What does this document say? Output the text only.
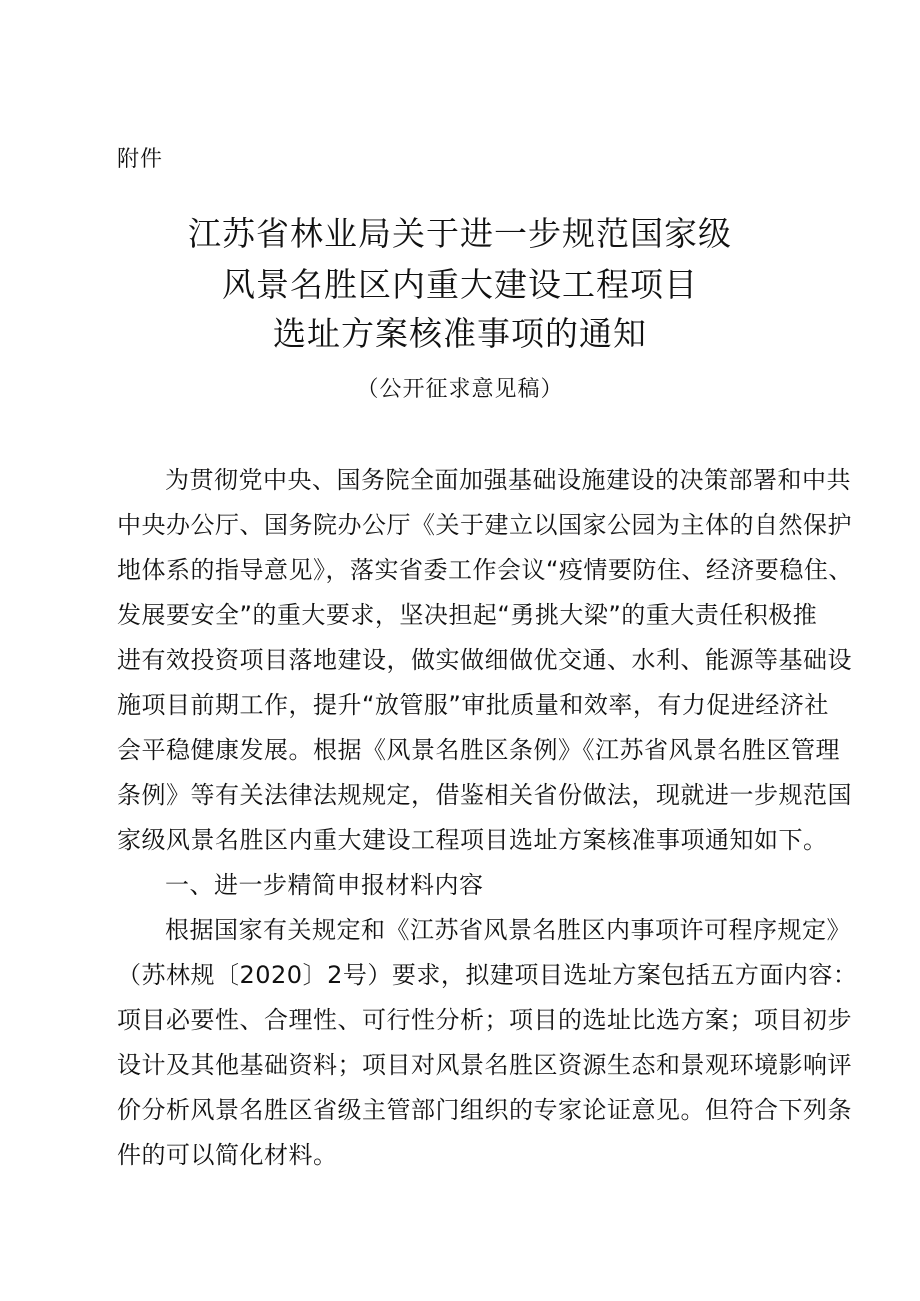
附件
江苏省林业局关于进一步规范国家级
风景名胜区内重大建设工程项目
选址方案核准事项的通知
（公开征求意见稿）
为贯彻党中央、国务院全面加强基础设施建设的决策部署和中共
中央办公厅、国务院办公厅《关于建立以国家公园为主体的自然保护
地体系的指导意见》，落实省委工作会议“疫情要防住、经济要稳住、
发展要安全”的重大要求，坚决担起“勇挑大梁”的重大责任积极推
进有效投资项目落地建设，做实做细做优交通、水利、能源等基础设
施项目前期工作，提升“放管服”审批质量和效率，有力促进经济社
会平稳健康发展。根据《风景名胜区条例》《江苏省风景名胜区管理
条例》等有关法律法规规定，借鉴相关省份做法，现就进一步规范国
家级风景名胜区内重大建设工程项目选址方案核准事项通知如下。
一、进一步精简申报材料内容
根据国家有关规定和《江苏省风景名胜区内事项许可程序规定》
（苏林规〔2020〕2号）要求，拟建项目选址方案包括五方面内容：
项目必要性、合理性、可行性分析；项目的选址比选方案；项目初步
设计及其他基础资料；项目对风景名胜区资源生态和景观环境影响评
价分析风景名胜区省级主管部门组织的专家论证意见。但符合下列条
件的可以简化材料。
